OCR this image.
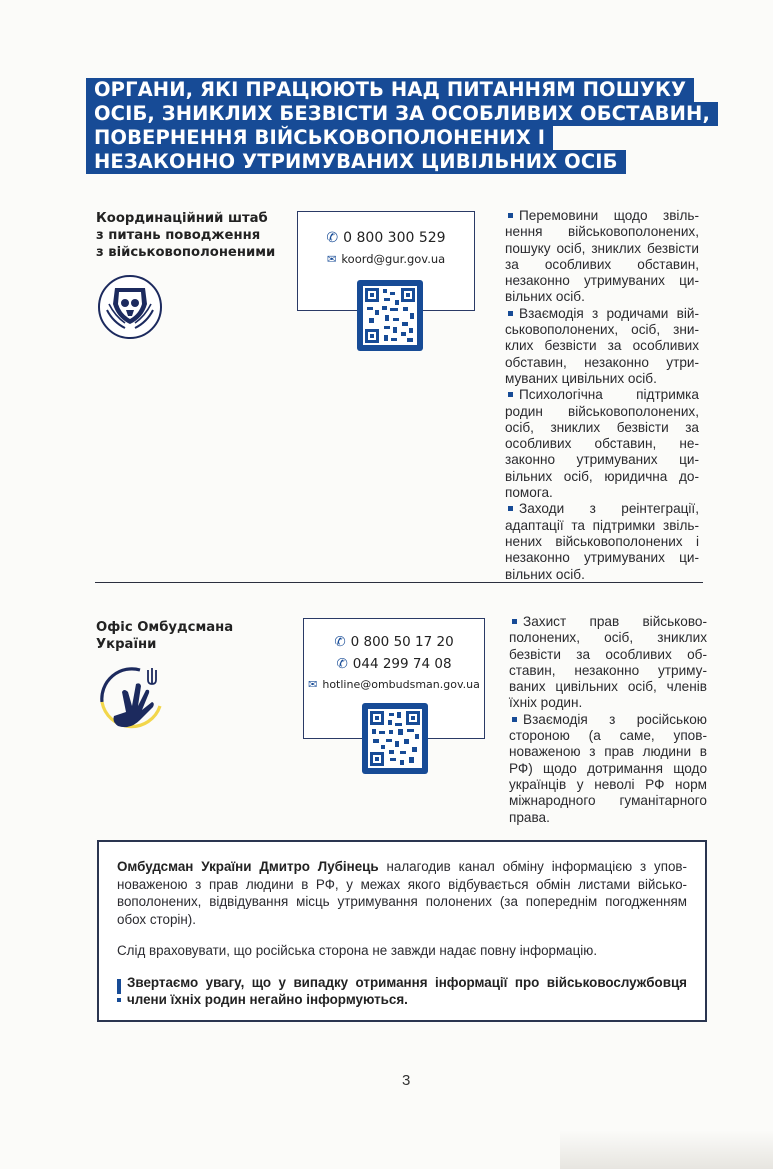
ОРГАНИ, ЯКІ ПРАЦЮЮТЬ НАД ПИТАННЯМ ПОШУКУ
ОСІБ, ЗНИКЛИХ БЕЗВІСТИ ЗА ОСОБЛИВИХ ОБСТАВИН,
ПОВЕРНЕННЯ ВІЙСЬКОВОПОЛОНЕНИХ І
НЕЗАКОННО УТРИМУВАНИХ ЦИВІЛЬНИХ ОСІБ
Координаційний штаб
з питань поводження
з військовополоненими
✆ 0 800 300 529
✉ koord@gur.gov.ua

Перемовини щодо звільнення військовополонених, пошуку осіб, зниклих безвісти за особливих обставин, незаконно утримуваних цивільних осіб.

Взаємодія з родичами військовополонених, осіб, зниклих безвісти за особливих обставин, незаконно утримуваних цивільних осіб.

Психологічна підтримка родин військовополонених, осіб, зниклих безвісти за особливих обставин, незаконно утримуваних цивільних осіб, юридична допомога.

Заходи з реінтеграції, адаптації та підтримки звільнених військовополонених і незаконно утримуваних цивільних осіб.

Офіс Омбудсмана
України	✆ 0 800 50 17 20
✆ 044 299 74 08
✉ hotline@ombudsman.gov.ua

Захист прав військовополонених, осіб, зниклих безвісти за особливих обставин, незаконно утримуваних цивільних осіб, членів їхніх родин.

Взаємодія з російською стороною (а саме, уповноваженою з прав людини в РФ) щодо дотримання щодо українців у неволі РФ норм міжнародного гуманітарного права.

Омбудсман України Дмитро Лубінець налагодив канал обміну інформацією з уповноваженою з прав людини в РФ, у межах якого відбувається обмін листами військовополонених, відвідування місць утримування полонених (за попереднім погодженням обох сторін).

Слід враховувати, що російська сторона не завжди надає повну інформацію.

Звертаємо увагу, що у випадку отримання інформації про військовослужбовця члени їхніх родин негайно інформуються.

3
